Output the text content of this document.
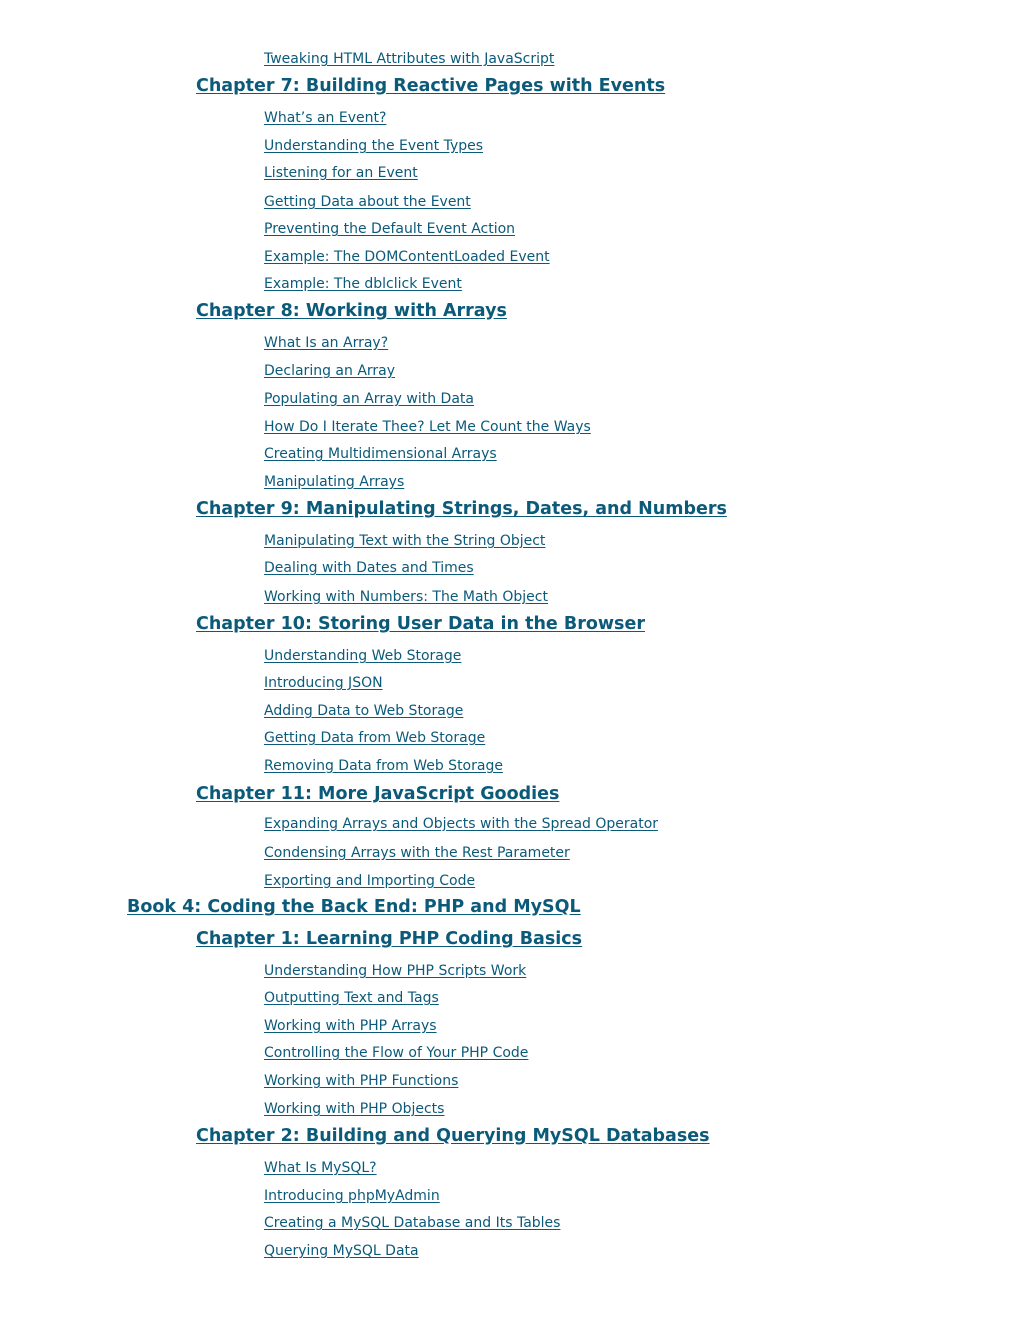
Tweaking HTML Attributes with JavaScript
Chapter 7: Building Reactive Pages with Events
What’s an Event?
Understanding the Event Types
Listening for an Event
Getting Data about the Event
Preventing the Default Event Action
Example: The DOMContentLoaded Event
Example: The dblclick Event
Chapter 8: Working with Arrays
What Is an Array?
Declaring an Array
Populating an Array with Data
How Do I Iterate Thee? Let Me Count the Ways
Creating Multidimensional Arrays
Manipulating Arrays
Chapter 9: Manipulating Strings, Dates, and Numbers
Manipulating Text with the String Object
Dealing with Dates and Times
Working with Numbers: The Math Object
Chapter 10: Storing User Data in the Browser
Understanding Web Storage
Introducing JSON
Adding Data to Web Storage
Getting Data from Web Storage
Removing Data from Web Storage
Chapter 11: More JavaScript Goodies
Expanding Arrays and Objects with the Spread Operator
Condensing Arrays with the Rest Parameter
Exporting and Importing Code
Book 4: Coding the Back End: PHP and MySQL
Chapter 1: Learning PHP Coding Basics
Understanding How PHP Scripts Work
Outputting Text and Tags
Working with PHP Arrays
Controlling the Flow of Your PHP Code
Working with PHP Functions
Working with PHP Objects
Chapter 2: Building and Querying MySQL Databases
What Is MySQL?
Introducing phpMyAdmin
Creating a MySQL Database and Its Tables
Querying MySQL Data
